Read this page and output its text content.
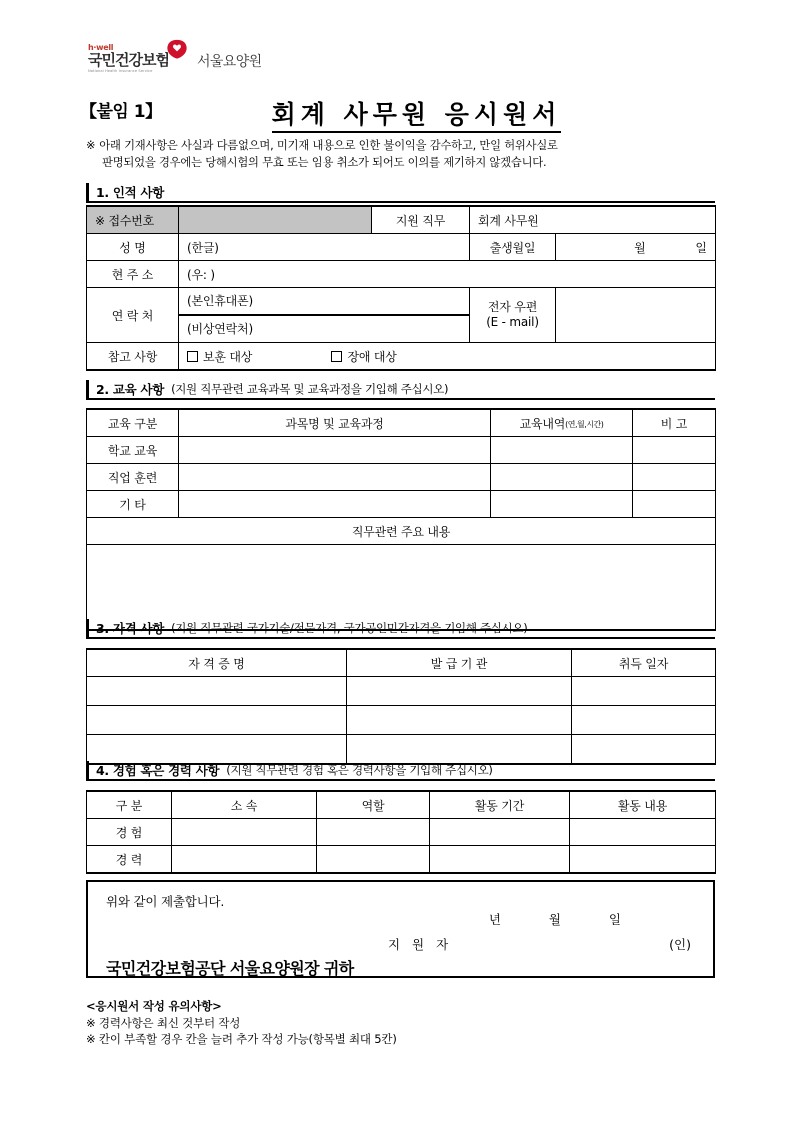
h·well
국민건강보험
National Health Insurance Service
서울요양원
【붙임 1】	회계 사무원 응시원서
※ 아래 기재사항은 사실과 다름없으며, 미기재 내용으로 인한 불이익을 감수하고, 만일 허위사실로
판명되었을 경우에는 당해시험의 무효 또는 임용 취소가 되어도 이의를 제기하지 않겠습니다.
1. 인적 사항
※ 접수번호		지원 직무	회계 사무원	
성 명	(한글)		출생월일	월 일
현 주 소	(우: )			
연 락 처	(본인휴대폰)		전자 우편
(E - mail)	

	(비상연락처)			

참고 사항	보훈 대상 장애 대상			
2. 교육 사항 (지원 직무관련 교육과목 및 교육과정을 기입해 주십시오)
교육 구분	과목명 및 교육과정	교육내역(연,월,시간)	비 고
학교 교육			
직업 훈련			
기 타			
직무관련 주요 내용			

3. 자격 사항 (지원 직무관련 국가기술/전문자격, 국가공인민간자격을 기입해 주십시오)
자 격 증 명	발 급 기 관	취득 일자

4. 경험 혹은 경력 사항 (지원 직무관련 경험 혹은 경력사항을 기입해 주십시오)
구 분	소 속	역할	활동 기간	활동 내용
경 험				
경 력				
위와 같이 제출합니다.
년 월 일
지 원 자	(인)
국민건강보험공단 서울요양원장 귀하
<응시원서 작성 유의사항>
※ 경력사항은 최신 것부터 작성
※ 칸이 부족할 경우 칸을 늘려 추가 작성 가능(항목별 최대 5칸)
